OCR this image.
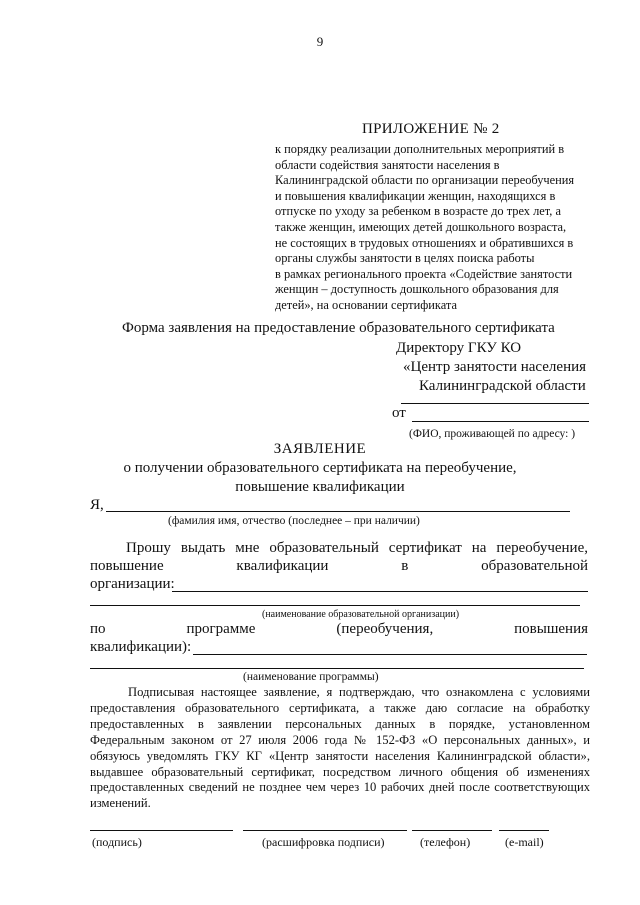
9
ПРИЛОЖЕНИЕ № 2
к порядку реализации дополнительных мероприятий в
области содействия занятости населения в
Калининградской области по организации переобучения
и повышения квалификации женщин, находящихся в
отпуске по уходу за ребенком в возрасте до трех лет, а
также женщин, имеющих детей дошкольного возраста,
не состоящих в трудовых отношениях и обратившихся в
органы службы занятости в целях поиска работы
в рамках регионального проекта «Содействие занятости
женщин – доступность дошкольного образования для
детей», на основании сертификата
Форма заявления на предоставление образовательного сертификата
Директору ГКУ КО
«Центр занятости населения
Калининградской области
от
(ФИО, проживающей по адресу: )
ЗАЯВЛЕНИЕ
о получении образовательного сертификата на переобучение,
повышение квалификации
Я,
(фамилия имя, отчество (последнее – при наличии)
Прошу выдать мне образовательный сертификат на переобучение,
повышение	квалификации	в	образовательной
организации:
(наименование образовательной организации)
по	программе	(переобучения,	повышения
квалификации):
(наименование программы)
Подписывая настоящее заявление, я подтверждаю, что ознакомлена с условиями предоставления образовательного сертификата, а также даю согласие на обработку предоставленных в заявлении персональных данных в порядке, установленном Федеральным законом от 27 июля 2006 года № 152-ФЗ «О персональных данных», и обязуюсь уведомлять ГКУ КГ «Центр занятости населения Калининградской области», выдавшее образовательный сертификат, посредством личного общения об изменениях предоставленных сведений не позднее чем через 10 рабочих дней после соответствующих изменений.
(подпись)	(расшифровка подписи)	(телефон)	(e-mail)
